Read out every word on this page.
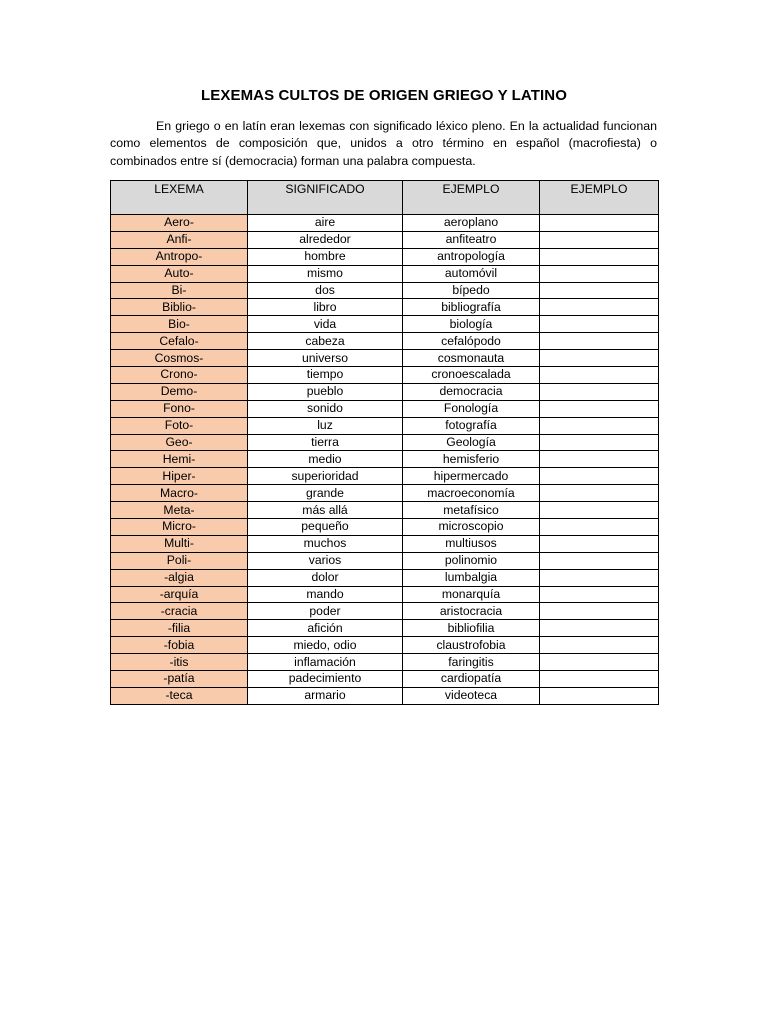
LEXEMAS CULTOS DE ORIGEN GRIEGO Y LATINO
En griego o en latín eran lexemas con significado léxico pleno. En la actualidad funcionan como elementos de composición que, unidos a otro término en español (macrofiesta) o combinados entre sí (democracia) forman una palabra compuesta.
LEXEMA	SIGNIFICADO	EJEMPLO	EJEMPLO
Aero-	aire	aeroplano	
Anfi-	alrededor	anfiteatro	
Antropo-	hombre	antropología	
Auto-	mismo	automóvil	
Bi-	dos	bípedo	
Biblio-	libro	bibliografía	
Bio-	vida	biología	
Cefalo-	cabeza	cefalópodo	
Cosmos-	universo	cosmonauta	
Crono-	tiempo	cronoescalada	
Demo-	pueblo	democracia	
Fono-	sonido	Fonología	
Foto-	luz	fotografía	
Geo-	tierra	Geología	
Hemi-	medio	hemisferio	
Hiper-	superioridad	hipermercado	
Macro-	grande	macroeconomía	
Meta-	más allá	metafísico	
Micro-	pequeño	microscopio	
Multi-	muchos	multiusos	
Poli-	varios	polinomio	
-algia	dolor	lumbalgia	
-arquía	mando	monarquía	
-cracia	poder	aristocracia	
-filia	afición	bibliofilia	
-fobia	miedo, odio	claustrofobia	
-itis	inflamación	faringitis	
-patía	padecimiento	cardiopatía	
-teca	armario	videoteca	
